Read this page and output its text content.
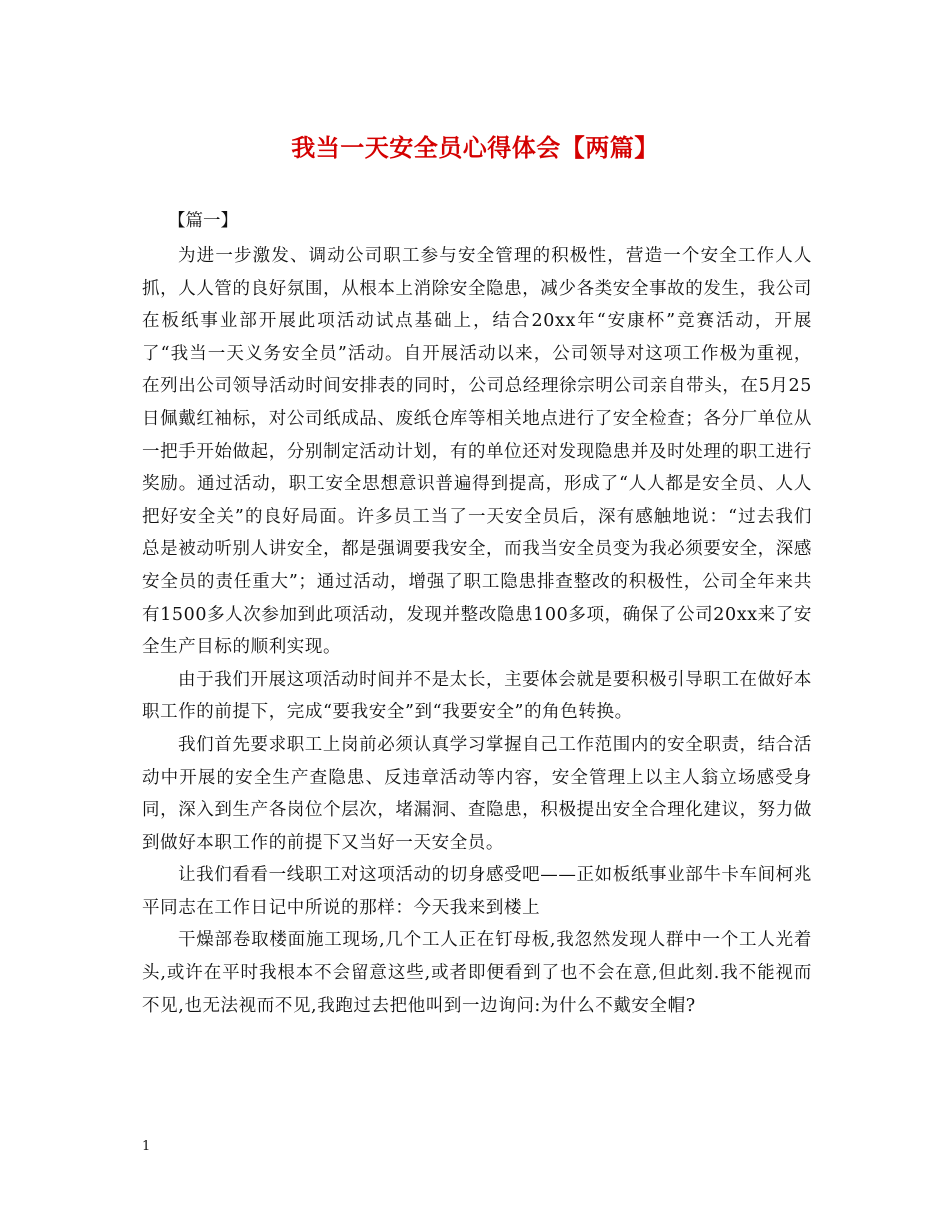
我当一天安全员心得体会【两篇】

【篇一】

为进一步激发、调动公司职工参与安全管理的积极性，营造一个安全工作人人抓，人人管的良好氛围，从根本上消除安全隐患，减少各类安全事故的发生，我公司在板纸事业部开展此项活动试点基础上，结合20xx年“安康杯”竞赛活动，开展了“我当一天义务安全员”活动。自开展活动以来，公司领导对这项工作极为重视，在列出公司领导活动时间安排表的同时，公司总经理徐宗明公司亲自带头，在5月25日佩戴红袖标，对公司纸成品、废纸仓库等相关地点进行了安全检查；各分厂单位从一把手开始做起，分别制定活动计划，有的单位还对发现隐患并及时处理的职工进行奖励。通过活动，职工安全思想意识普遍得到提高，形成了“人人都是安全员、人人把好安全关”的良好局面。许多员工当了一天安全员后，深有感触地说：“过去我们总是被动听别人讲安全，都是强调要我安全，而我当安全员变为我必须要安全，深感安全员的责任重大”；通过活动，增强了职工隐患排查整改的积极性，公司全年来共有1500多人次参加到此项活动，发现并整改隐患100多项，确保了公司20xx来了安全生产目标的顺利实现。

由于我们开展这项活动时间并不是太长，主要体会就是要积极引导职工在做好本职工作的前提下，完成“要我安全”到“我要安全”的角色转换。

我们首先要求职工上岗前必须认真学习掌握自己工作范围内的安全职责，结合活动中开展的安全生产查隐患、反违章活动等内容，安全管理上以主人翁立场感受身同，深入到生产各岗位个层次，堵漏洞、查隐患，积极提出安全合理化建议，努力做到做好本职工作的前提下又当好一天安全员。

让我们看看一线职工对这项活动的切身感受吧——正如板纸事业部牛卡车间柯兆平同志在工作日记中所说的那样：今天我来到楼上

干燥部卷取楼面施工现场,几个工人正在钉母板,我忽然发现人群中一个工人光着头,或许在平时我根本不会留意这些,或者即便看到了也不会在意,但此刻.我不能视而不见,也无法视而不见,我跑过去把他叫到一边询问:为什么不戴安全帽?

1
